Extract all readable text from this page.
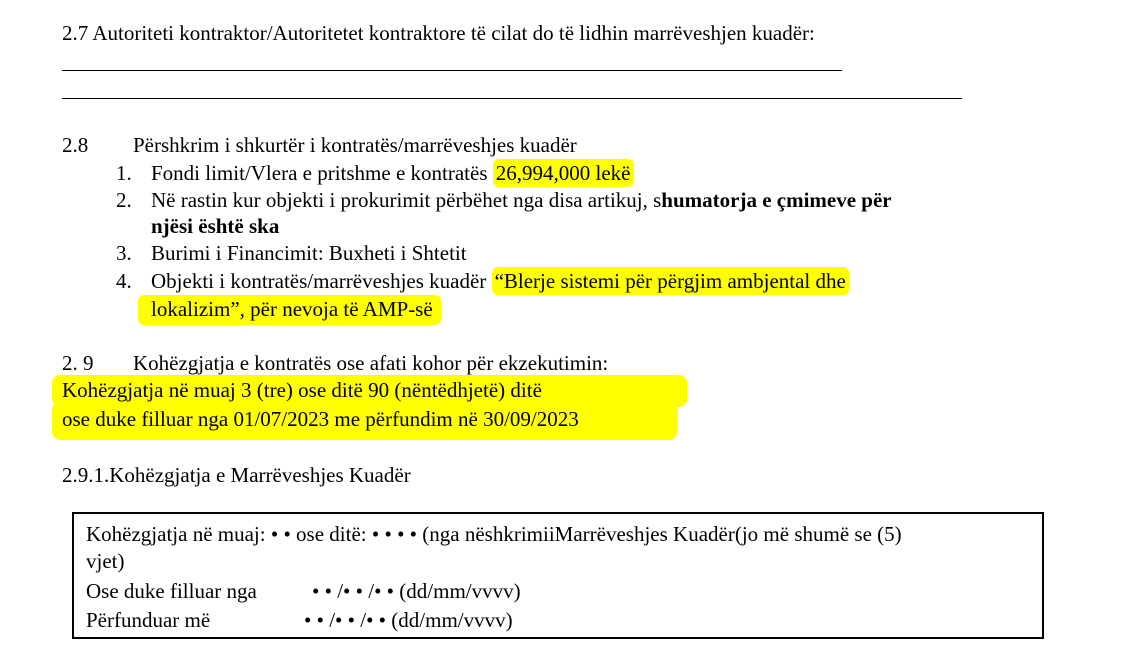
2.7 Autoriteti kontraktor/Autoritetet kontraktore të cilat do të lidhin marrëveshjen kuadër:
2.8 Përshkrim i shkurtër i kontratës/marrëveshjes kuadër
1. Fondi limit/Vlera e pritshme e kontratës 26,994,000 lekë
2. Në rastin kur objekti i prokurimit përbëhet nga disa artikuj, shumatorja e çmimeve për
njësi është ska
3. Burimi i Financimit: Buxheti i Shtetit
4. Objekti i kontratës/marrëveshjes kuadër “Blerje sistemi për përgjim ambjental dhe
lokalizim”, për nevoja të AMP-së
2. 9 Kohëzgjatja e kontratës ose afati kohor për ekzekutimin:
Kohëzgjatja në muaj 3 (tre) ose ditë 90 (nëntëdhjetë) ditë
ose duke filluar nga 01/07/2023 me përfundim në 30/09/2023
2.9.1.Kohëzgjatja e Marrëveshjes Kuadër
Kohëzgjatja në muaj: • • ose ditë: • • • • (nga nëshkrimiiMarrëveshjes Kuadër(jo më shumë se (5)
vjet)
Ose duke filluar nga	• • /• • /• • (dd/mm/vvvv)
Përfunduar më	• • /• • /• • (dd/mm/vvvv)
